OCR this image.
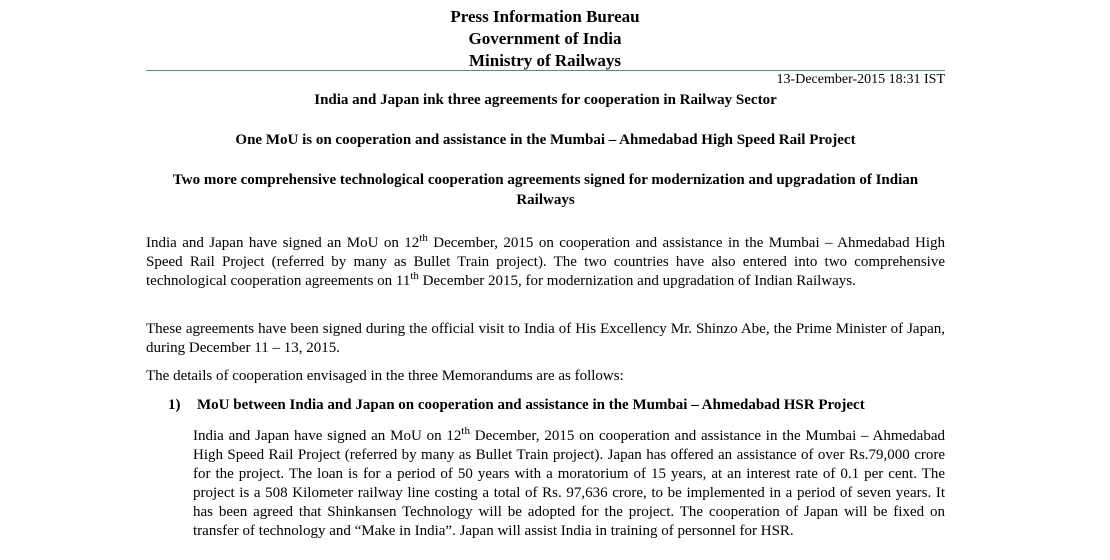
Press Information Bureau
Government of India
Ministry of Railways
13-December-2015 18:31 IST
India and Japan ink three agreements for cooperation in Railway Sector
One MoU is on cooperation and assistance in the Mumbai – Ahmedabad High Speed Rail Project
Two more comprehensive technological cooperation agreements signed for modernization and upgradation of Indian Railways
India and Japan have signed an MoU on 12th December, 2015 on cooperation and assistance in the Mumbai – Ahmedabad High Speed Rail Project (referred by many as Bullet Train project). The two countries have also entered into two comprehensive technological cooperation agreements on 11th December 2015, for modernization and upgradation of Indian Railways.
These agreements have been signed during the official visit to India of His Excellency Mr. Shinzo Abe, the Prime Minister of Japan, during December 11 – 13, 2015.
The details of cooperation envisaged in the three Memorandums are as follows:
1) MoU between India and Japan on cooperation and assistance in the Mumbai – Ahmedabad HSR Project
India and Japan have signed an MoU on 12th December, 2015 on cooperation and assistance in the Mumbai – Ahmedabad High Speed Rail Project (referred by many as Bullet Train project). Japan has offered an assistance of over Rs.79,000 crore for the project. The loan is for a period of 50 years with a moratorium of 15 years, at an interest rate of 0.1 per cent. The project is a 508 Kilometer railway line costing a total of Rs. 97,636 crore, to be implemented in a period of seven years. It has been agreed that Shinkansen Technology will be adopted for the project. The cooperation of Japan will be fixed on transfer of technology and “Make in India”. Japan will assist India in training of personnel for HSR.
